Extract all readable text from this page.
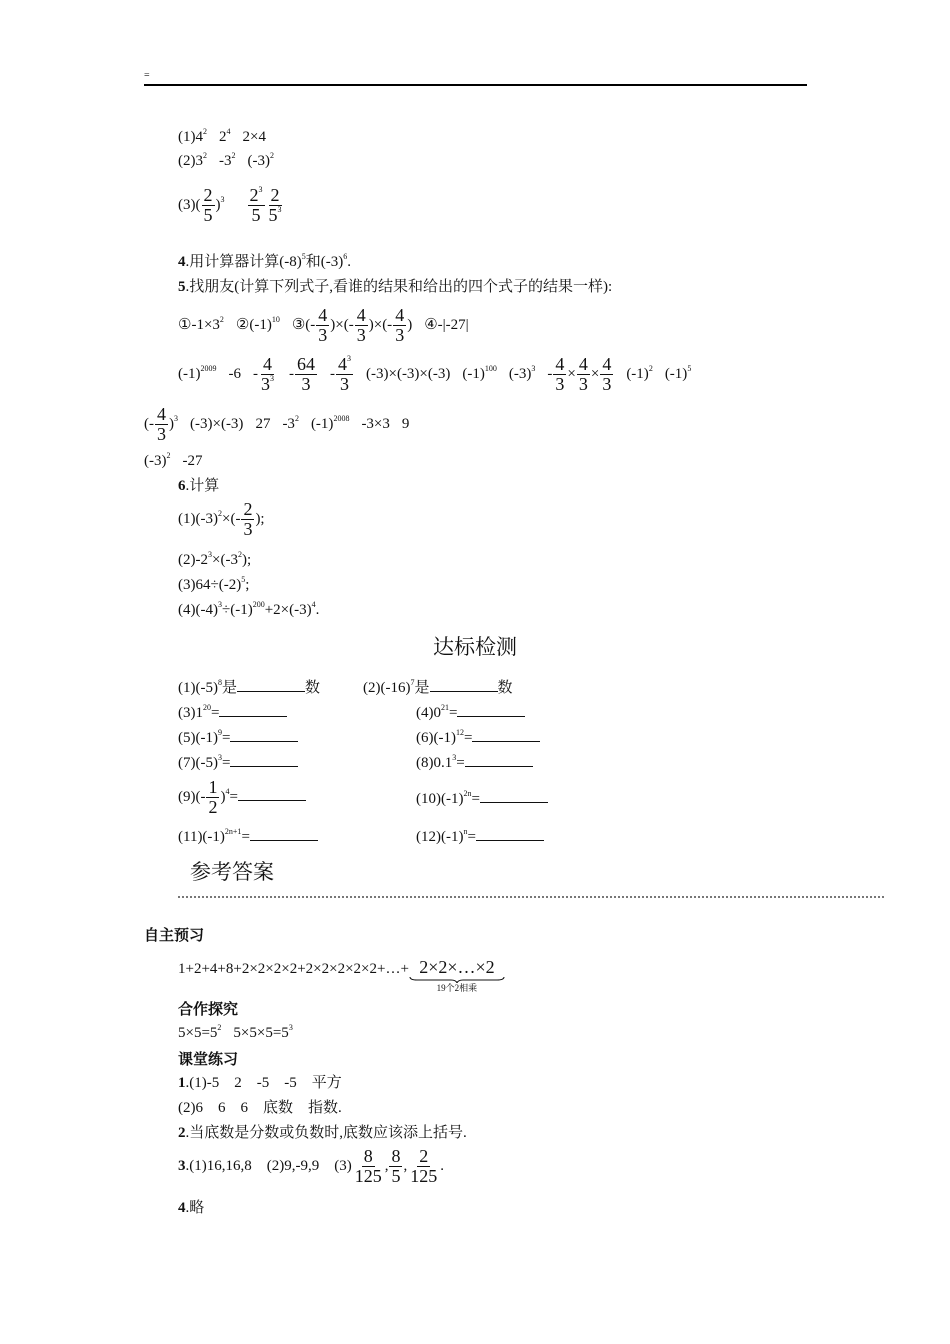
=
$(1)4^2$ $2^4$ 2×4
$(2)3^2$ $-3^2$ $(-3)^2$
$(3)( \frac{2}{5} )^3 \frac{2^3}{5} \frac{2}{5^3}$
4.用计算器计算$(-8)^5$和$(-3)^6$.
5.找朋友(计算下列式子,看谁的结果和给出的四个式子的结果一样):
$①-1\times 3^2$ $②(-1)^{10}$ ③(- $\frac{4}{3}$ )×(- $\frac{4}{3}$ )×(- $\frac{4}{3}$ ) ④-|-27|
$(-1)^{2009}$ $-6 - \frac{4}{3^3} - \frac{64}{3} - \frac{4^3}{3} (-3)\times(-3)\times(-3)$ $(-1)^{100}$ $(-3)^3 - \frac{4}{3} \times \frac{4}{3} \times \frac{4}{3} (-1)^2$ $(-1)^5$
(- $\frac{4}{3} )^3$ (-3)×(-3) 27 $-3^2$ $(-1)^{2008}$ -3×3 9
$(-3)^2$ -27
6.计算
$(1)(-3)^2\times(- \frac{2}{3}$ );
$(2)-2^3\times(-3^2)$;
$(3)64\div(-2)^5$;
$(4)(-4)^3\div(-1)^{200}+2\times(-3)^4$.
达标检测
$(1)(-5)^8$是	数	$(2)(-16)^7$是	数
$(3)1^{20}=$	$(4)0^{21}=$
$(5)(-1)^9=$	$(6)(-1)^{12}=$
$(7)(-5)^3=$	$(8)0.1^3=$
$(9)(- \frac{1}{2} )^4=$	$(10)(-1)^{2n}=$
$(11)(-1)^{2n+1}=$	$(12)(-1)^n=$
参考答案
自主预习
1+2+4+8+2×2×2×2+2×2×2×2×2+…+ 2×2×…×2
19个2相乘
合作探究
$5\times 5=5^2$ $5\times 5\times 5=5^3$
课堂练习
1.(1)-5　2　-5　-5　平方
(2)6　6　6　底数　指数.
2.当底数是分数或负数时,底数应该添上括号.
3.(1)16,16,8　(2)9,-9,9　$(3) \frac{8}{125}$ , $\frac{8}{5}$ , $\frac{2}{125}$ .
4.略
